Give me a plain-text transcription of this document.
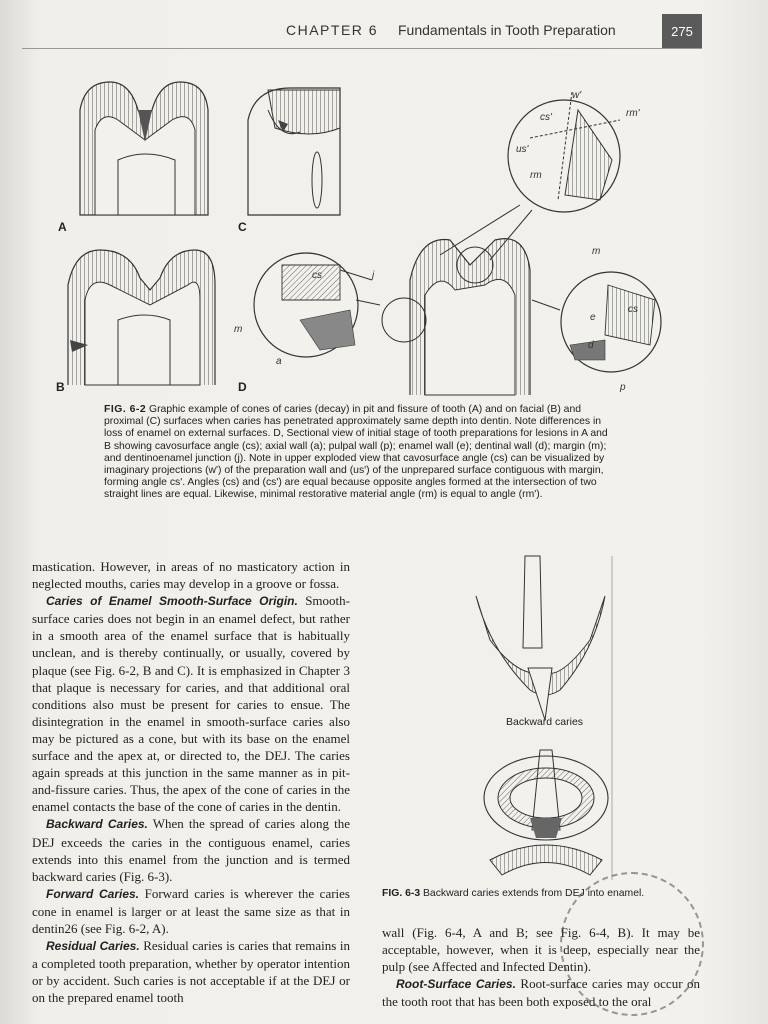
CHAPTER 6 Fundamentals in Tooth Preparation	275
A
B
C
D
w'
rm'
cs'
us'
rm
cs	j
m
a
m
e
cs
d
p
FIG. 6-2 Graphic example of cones of caries (decay) in pit and fissure of tooth (A) and on facial (B) and proximal (C) surfaces when caries has penetrated approximately same depth into dentin. Note differences in loss of enamel on external surfaces. D, Sectional view of initial stage of tooth preparations for lesions in A and B showing cavosurface angle (cs); axial wall (a); pulpal wall (p); enamel wall (e); dentinal wall (d); margin (m); and dentinoenamel junction (j). Note in upper exploded view that cavosurface angle (cs) can be visualized by imaginary projections (w') of the preparation wall and (us') of the unprepared surface contiguous with margin, forming angle cs'. Angles (cs) and (cs') are equal because opposite angles formed at the intersection of two straight lines are equal. Likewise, minimal restorative material angle (rm) is equal to angle (rm').

mastication. However, in areas of no masticatory action in neglected mouths, caries may develop in a groove or fossa.

Caries of Enamel Smooth-Surface Origin. Smooth-surface caries does not begin in an enamel defect, but rather in a smooth area of the enamel surface that is habitually unclean, and is thereby continually, or usually, covered by plaque (see Fig. 6-2, B and C). It is emphasized in Chapter 3 that plaque is necessary for caries, and that additional oral conditions also must be present for caries to ensue. The disintegration in the enamel in smooth-surface caries also may be pictured as a cone, but with its base on the enamel surface and the apex at, or directed to, the DEJ. The caries again spreads at this junction in the same manner as in pit-and-fissure caries. Thus, the apex of the cone of caries in the enamel contacts the base of the cone of caries in the dentin.

Backward Caries. When the spread of caries along the DEJ exceeds the caries in the contiguous enamel, caries extends into this enamel from the junction and is termed backward caries (Fig. 6-3).

Forward Caries. Forward caries is wherever the caries cone in enamel is larger or at least the same size as that in dentin26 (see Fig. 6-2, A).

Residual Caries. Residual caries is caries that remains in a completed tooth preparation, whether by operator intention or by accident. Such caries is not acceptable if at the DEJ or on the prepared enamel tooth

Backward caries
FIG. 6-3 Backward caries extends from DEJ into enamel.

wall (Fig. 6-4, A and B; see Fig. 6-4, B). It may be acceptable, however, when it is deep, especially near the pulp (see Affected and Infected Dentin).

Root-Surface Caries. Root-surface caries may occur on the tooth root that has been both exposed to the oral
